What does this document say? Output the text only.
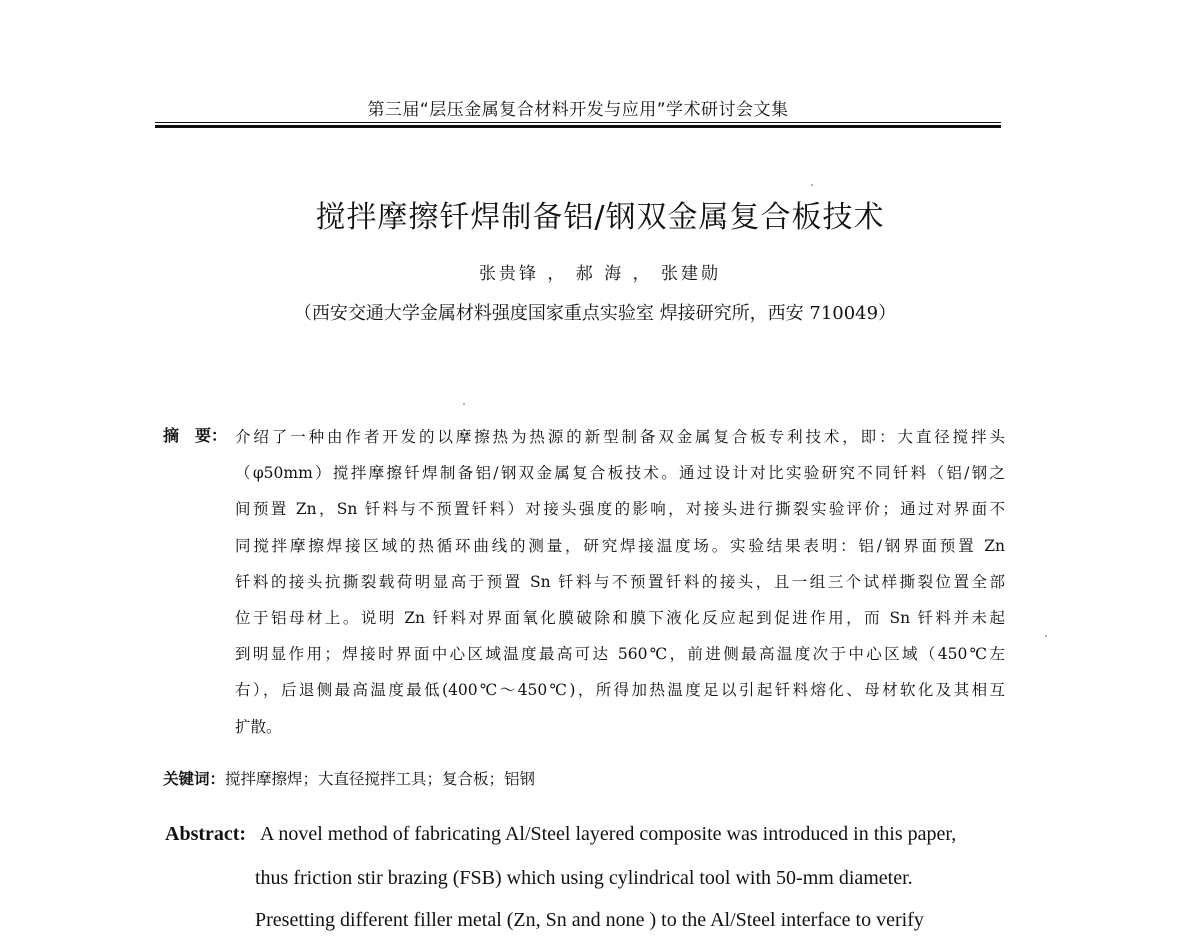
第三届“层压金属复合材料开发与应用”学术研讨会文集
搅拌摩擦钎焊制备铝/钢双金属复合板技术
张贵锋 ， 郝 海 ， 张建勋
（西安交通大学金属材料强度国家重点实验室 焊接研究所，西安 710049）
摘　要： 介绍了一种由作者开发的以摩擦热为热源的新型制备双金属复合板专利技术，即：大直径搅拌头
（φ50mm）搅拌摩擦钎焊制备铝/钢双金属复合板技术。通过设计对比实验研究不同钎料（铝/钢之
间预置 Zn，Sn 钎料与不预置钎料）对接头强度的影响，对接头进行撕裂实验评价；通过对界面不
同搅拌摩擦焊接区域的热循环曲线的测量，研究焊接温度场。实验结果表明：铝/钢界面预置 Zn
钎料的接头抗撕裂载荷明显高于预置 Sn 钎料与不预置钎料的接头，且一组三个试样撕裂位置全部
位于铝母材上。说明 Zn 钎料对界面氧化膜破除和膜下液化反应起到促进作用，而 Sn 钎料并未起
到明显作用；焊接时界面中心区域温度最高可达 560℃，前进侧最高温度次于中心区域（450℃左
右），后退侧最高温度最低(400℃～450℃)，所得加热温度足以引起钎料熔化、母材软化及其相互
扩散。
关键词：搅拌摩擦焊；大直径搅拌工具；复合板；铝钢
Abstract: A novel method of fabricating Al/Steel layered composite was introduced in this paper,
thus friction stir brazing (FSB) which using cylindrical tool with 50-mm diameter.
Presetting different filler metal (Zn, Sn and none ) to the Al/Steel interface to verify
